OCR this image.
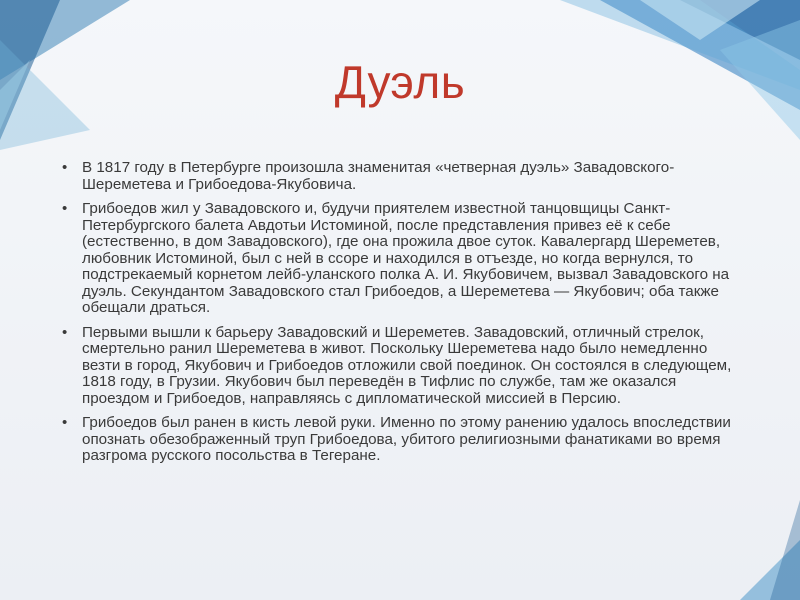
Дуэль
• В 1817 году в Петербурге произошла знаменитая «четверная дуэль» Завадовского-Шереметева и Грибоедова-Якубовича.
• Грибоедов жил у Завадовского и, будучи приятелем известной танцовщицы Санкт-Петербургского балета Авдотьи Истоминой, после представления привез её к себе (естественно, в дом Завадовского), где она прожила двое суток. Кавалергард Шереметев, любовник Истоминой, был с ней в ссоре и находился в отъезде, но когда вернулся, то подстрекаемый корнетом лейб-уланского полка А. И. Якубовичем, вызвал Завадовского на дуэль. Секундантом Завадовского стал Грибоедов, а Шереметева — Якубович; оба также обещали драться.
• Первыми вышли к барьеру Завадовский и Шереметев. Завадовский, отличный стрелок, смертельно ранил Шереметева в живот. Поскольку Шереметева надо было немедленно везти в город, Якубович и Грибоедов отложили свой поединок. Он состоялся в следующем, 1818 году, в Грузии. Якубович был переведён в Тифлис по службе, там же оказался проездом и Грибоедов, направляясь с дипломатической миссией в Персию.
• Грибоедов был ранен в кисть левой руки. Именно по этому ранению удалось впоследствии опознать обезображенный труп Грибоедова, убитого религиозными фанатиками во время разгрома русского посольства в Тегеране.
